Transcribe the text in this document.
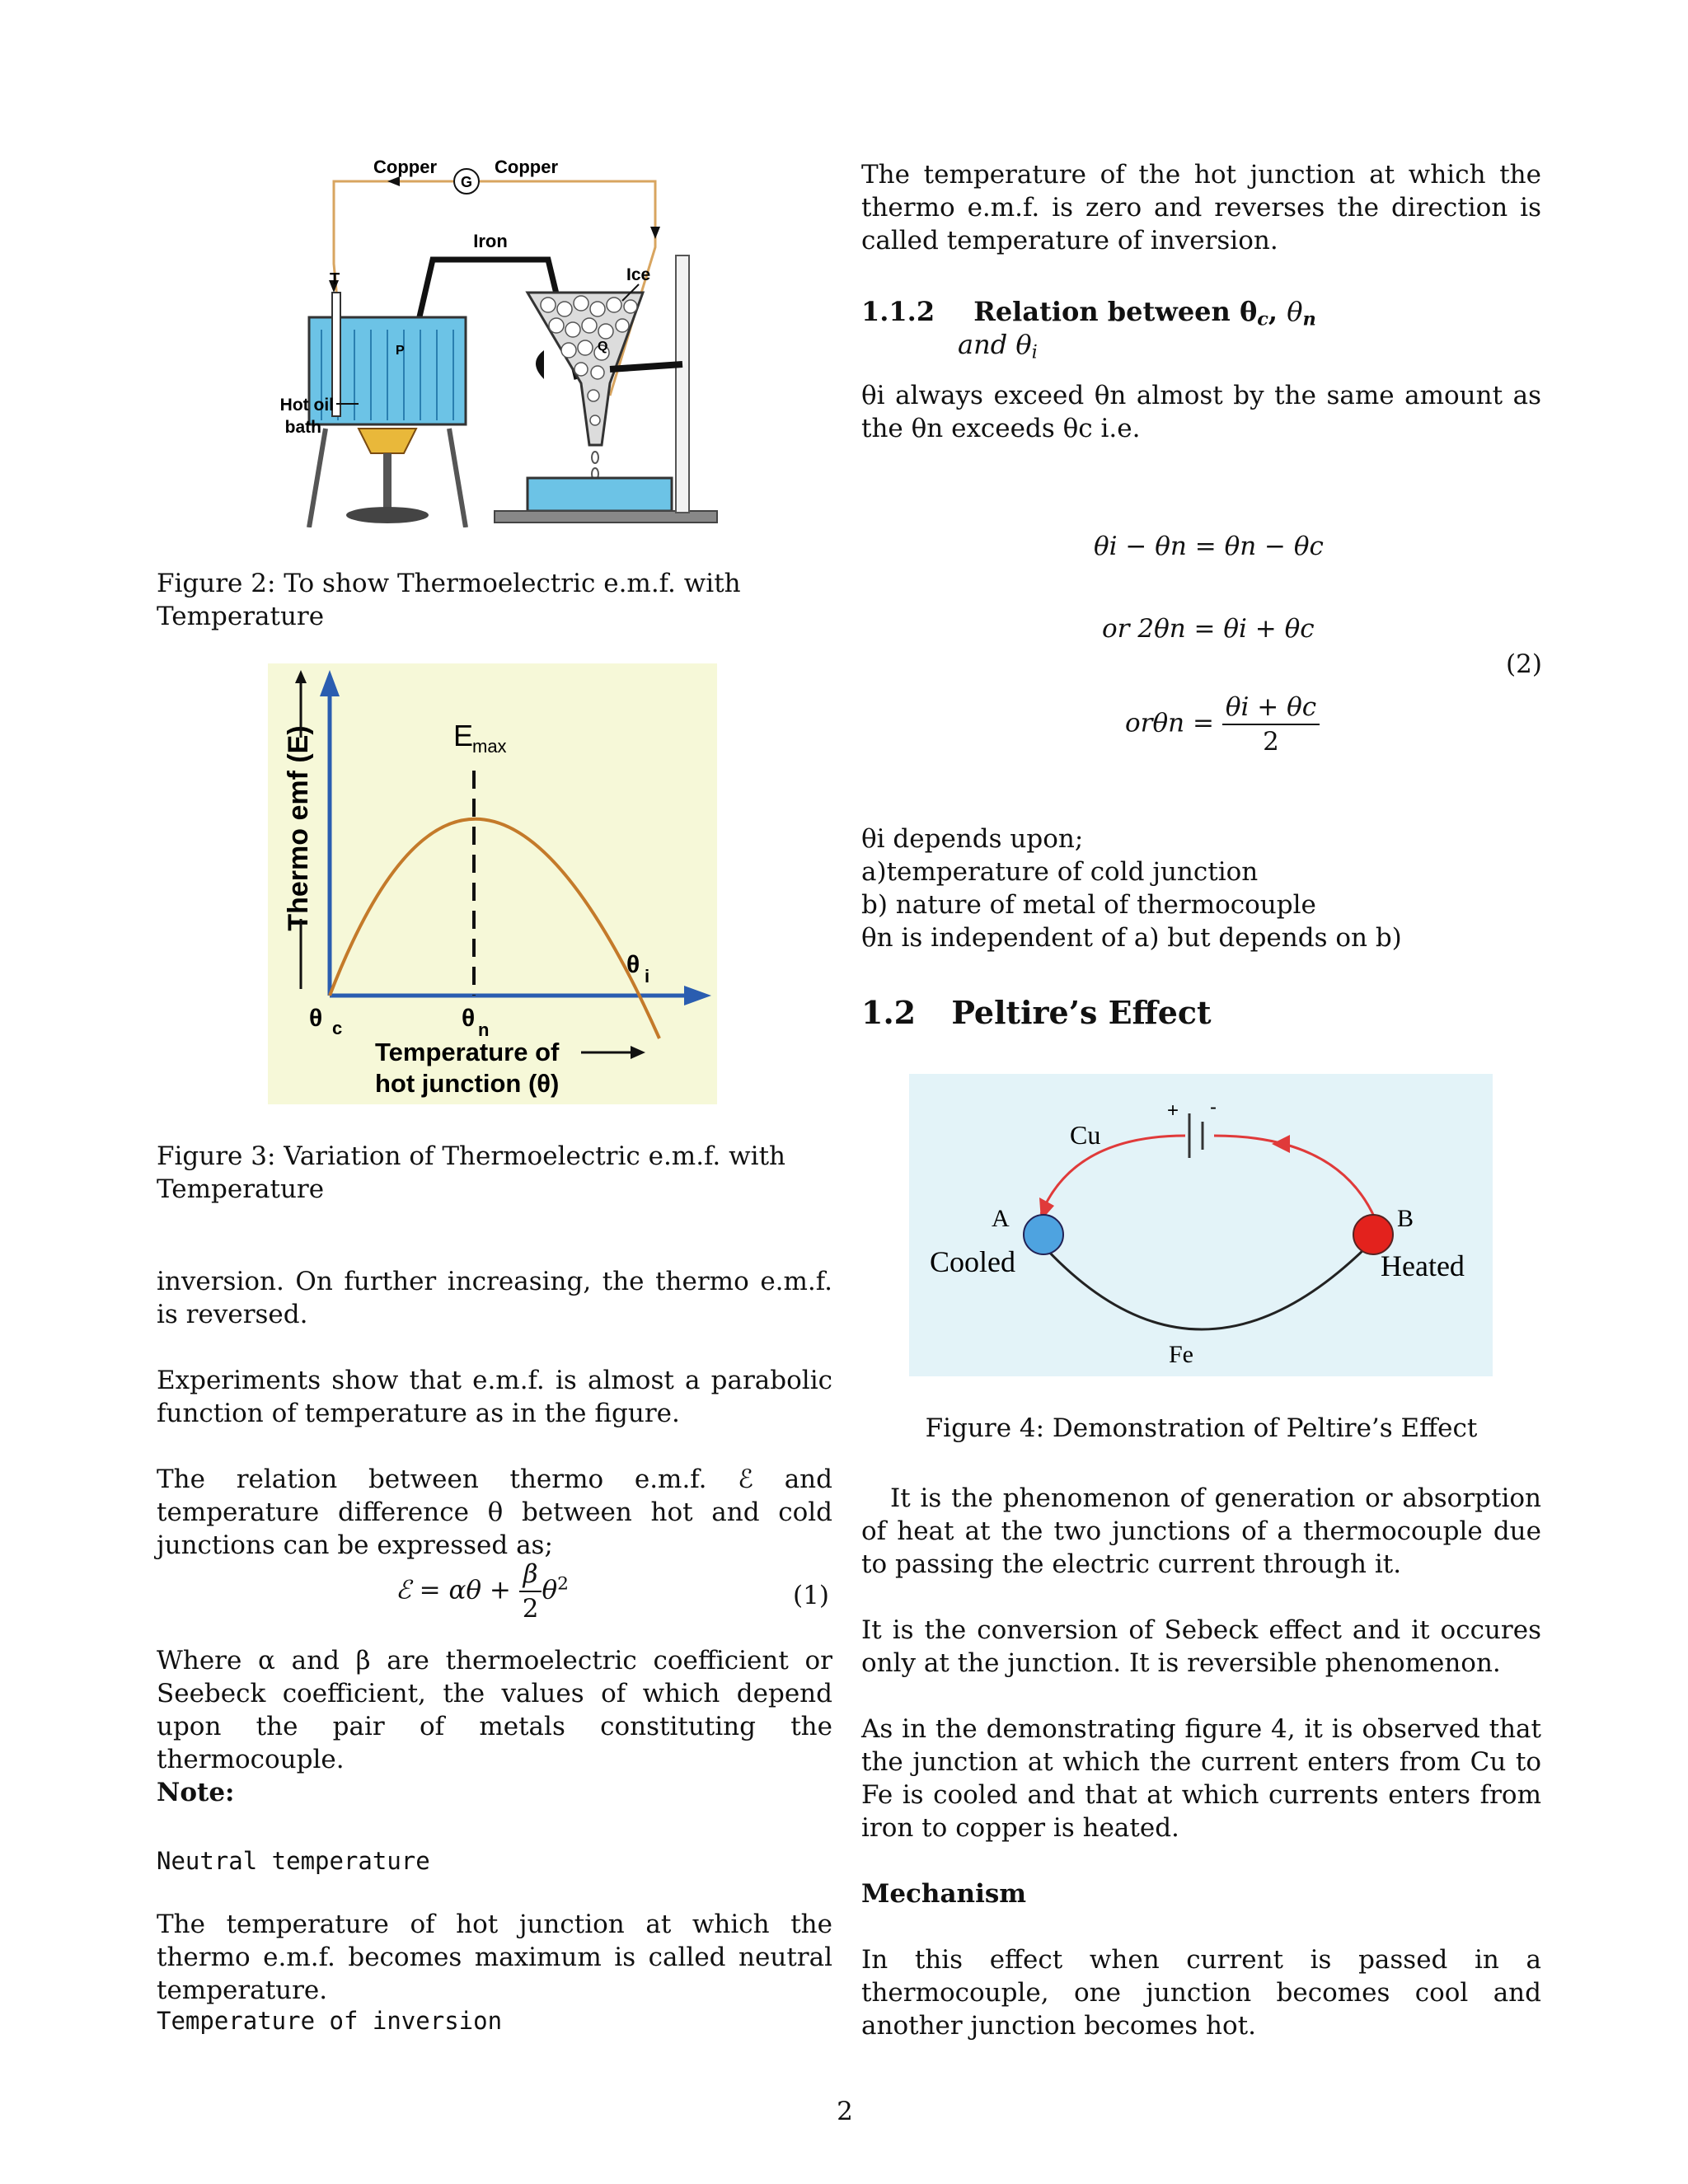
G
Copper	Copper
Iron
T
P
Hot oil
bath
Q
Ice

Figure 2: To show Thermoelectric e.m.f. with Temperature

Thermo emf (E)	E
max
θ c	θ n
θ i
Temperature of
hot junction (θ)

Figure 3: Variation of Thermoelectric e.m.f. with Temperature

inversion. On further increasing, the thermo e.m.f. is reversed.

Experiments show that e.m.f. is almost a parabolic function of temperature as in the figure.

The relation between thermo e.m.f. ℰ and temperature difference θ between hot and cold junctions can be expressed as;

ℰ = $\alpha\theta + \frac{\beta}{2} \theta^2$	(1)

Where α and β are thermoelectric coefficient or Seebeck coefficient, the values of which depend upon the pair of metals constituting the thermocouple.

Note:

Neutral temperature

The temperature of hot junction at which the thermo e.m.f. becomes maximum is called neutral temperature.

Temperature of inversion

The temperature of the hot junction at which the thermo e.m.f. is zero and reverses the direction is called temperature of inversion.

1.1.2 Relation between $\theta_c$, $\theta_n$
and $\theta_i$

θi always exceed θn almost by the same amount as the θn exceeds θc i.e.

θi − θn = θn − θc
or 2θn = θi + θc
(2)
$or\theta n = \frac{\theta i + \theta c}{2}$

θi depends upon;

a)temperature of cold junction

b) nature of metal of thermocouple

θn is independent of a) but depends on b)

1.2 Peltire’s Effect
+ -
A
Cooled
B
Heated
Cu
Fe

Figure 4: Demonstration of Peltire’s Effect

It is the phenomenon of generation or absorption of heat at the two junctions of a thermocouple due to passing the electric current through it.

It is the conversion of Sebeck effect and it occures only at the junction. It is reversible phenomenon.

As in the demonstrating figure 4, it is observed that the junction at which the current enters from Cu to Fe is cooled and that at which currents enters from iron to copper is heated.

Mechanism

In this effect when current is passed in a thermocouple, one junction becomes cool and another junction becomes hot.

2
